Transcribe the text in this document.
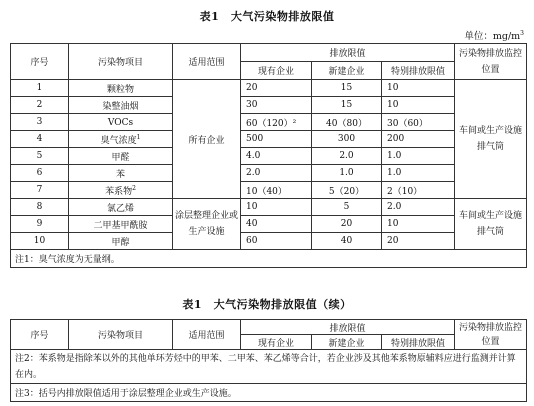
表1　大气污染物排放限值
单位：$mg/m^3$
序号	污染物项目	适用范围	排放限值			污染物排放监控位置
			现有企业	新建企业	特别排放限值	
1	颗粒物	所有企业	20	15	10	车间或生产设施排气筒
2	染整油烟		30	15	10	
3	VOCs		60（120）²	40（80）	30（60）	
4	臭气浓度$^1$		500	300	200	
5	甲醛		4.0	2.0	1.0	
6	苯		2.0	1.0	1.0	
7	苯系物$^2$		10（40）	5（20）	2（10）	
8	氯乙烯	涂层整理企业或生产设施	10	5	2.0	车间或生产设施排气筒
9	二甲基甲酰胺		40	20	10	
10	甲醇		60	40	20	
注1：臭气浓度为无量纲。						
表1　大气污染物排放限值（续）
序号	污染物项目	适用范围	排放限值			污染物排放监控位置
			现有企业	新建企业	特别排放限值	
注2：苯系物是指除苯以外的其他单环芳烃中的甲苯、二甲苯、苯乙烯等合计，若企业涉及其他苯系物原辅料应进行监测并计算在内。						
注3：括号内排放限值适用于涂层整理企业或生产设施。						
